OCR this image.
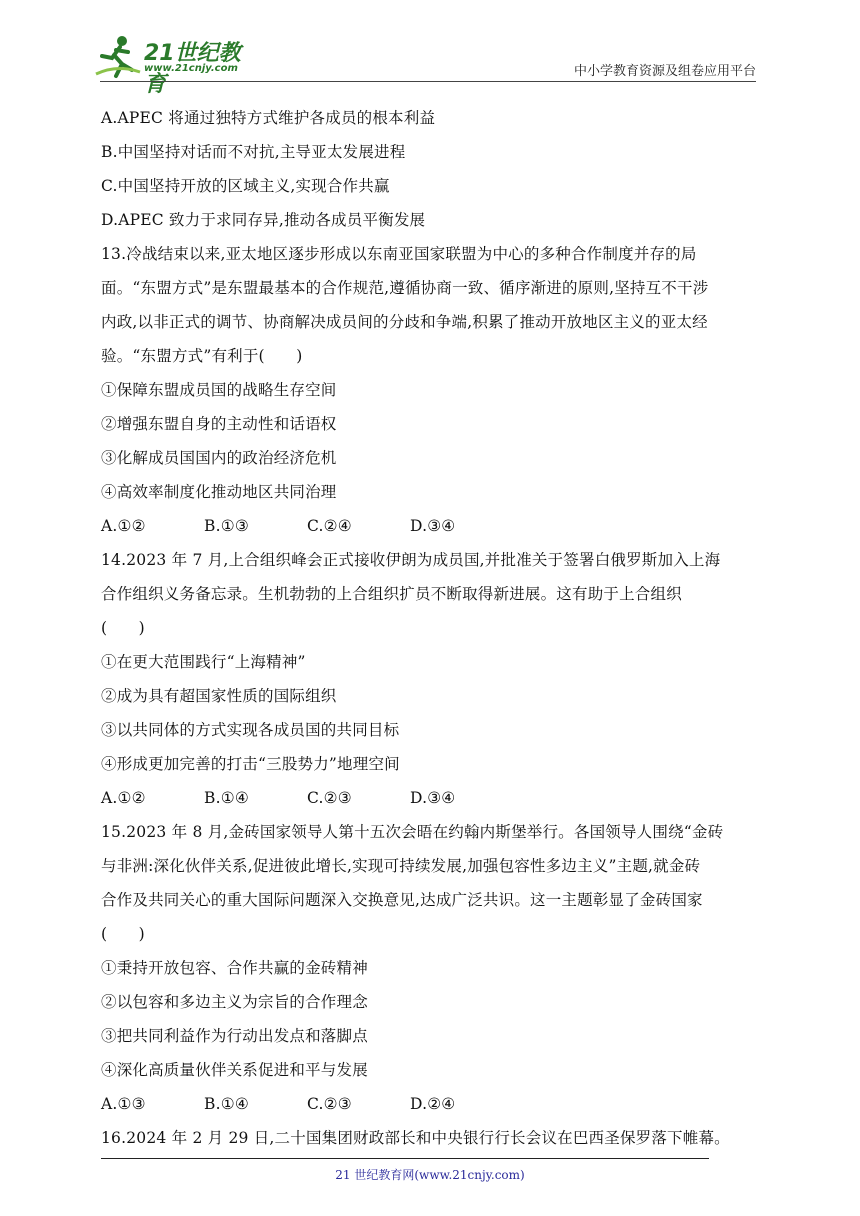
21世纪教育
www.21cnjy.com	中小学教育资源及组卷应用平台
A.APEC 将通过独特方式维护各成员的根本利益
B.中国坚持对话而不对抗,主导亚太发展进程
C.中国坚持开放的区域主义,实现合作共赢
D.APEC 致力于求同存异,推动各成员平衡发展
13.冷战结束以来,亚太地区逐步形成以东南亚国家联盟为中心的多种合作制度并存的局
面。“东盟方式”是东盟最基本的合作规范,遵循协商一致、循序渐进的原则,坚持互不干涉
内政,以非正式的调节、协商解决成员间的分歧和争端,积累了推动开放地区主义的亚太经
验。“东盟方式”有利于(　　)
①保障东盟成员国的战略生存空间
②增强东盟自身的主动性和话语权
③化解成员国国内的政治经济危机
④高效率制度化推动地区共同治理
A.①②	B.①③	C.②④	D.③④
14.2023 年 7 月,上合组织峰会正式接收伊朗为成员国,并批准关于签署白俄罗斯加入上海
合作组织义务备忘录。生机勃勃的上合组织扩员不断取得新进展。这有助于上合组织
(　　)
①在更大范围践行“上海精神”
②成为具有超国家性质的国际组织
③以共同体的方式实现各成员国的共同目标
④形成更加完善的打击“三股势力”地理空间
A.①②	B.①④	C.②③	D.③④
15.2023 年 8 月,金砖国家领导人第十五次会晤在约翰内斯堡举行。各国领导人围绕“金砖
与非洲:深化伙伴关系,促进彼此增长,实现可持续发展,加强包容性多边主义”主题,就金砖
合作及共同关心的重大国际问题深入交换意见,达成广泛共识。这一主题彰显了金砖国家
(　　)
①秉持开放包容、合作共赢的金砖精神
②以包容和多边主义为宗旨的合作理念
③把共同利益作为行动出发点和落脚点
④深化高质量伙伴关系促进和平与发展
A.①③	B.①④	C.②③	D.②④
16.2024 年 2 月 29 日,二十国集团财政部长和中央银行行长会议在巴西圣保罗落下帷幕。
21 世纪教育网(www.21cnjy.com)
